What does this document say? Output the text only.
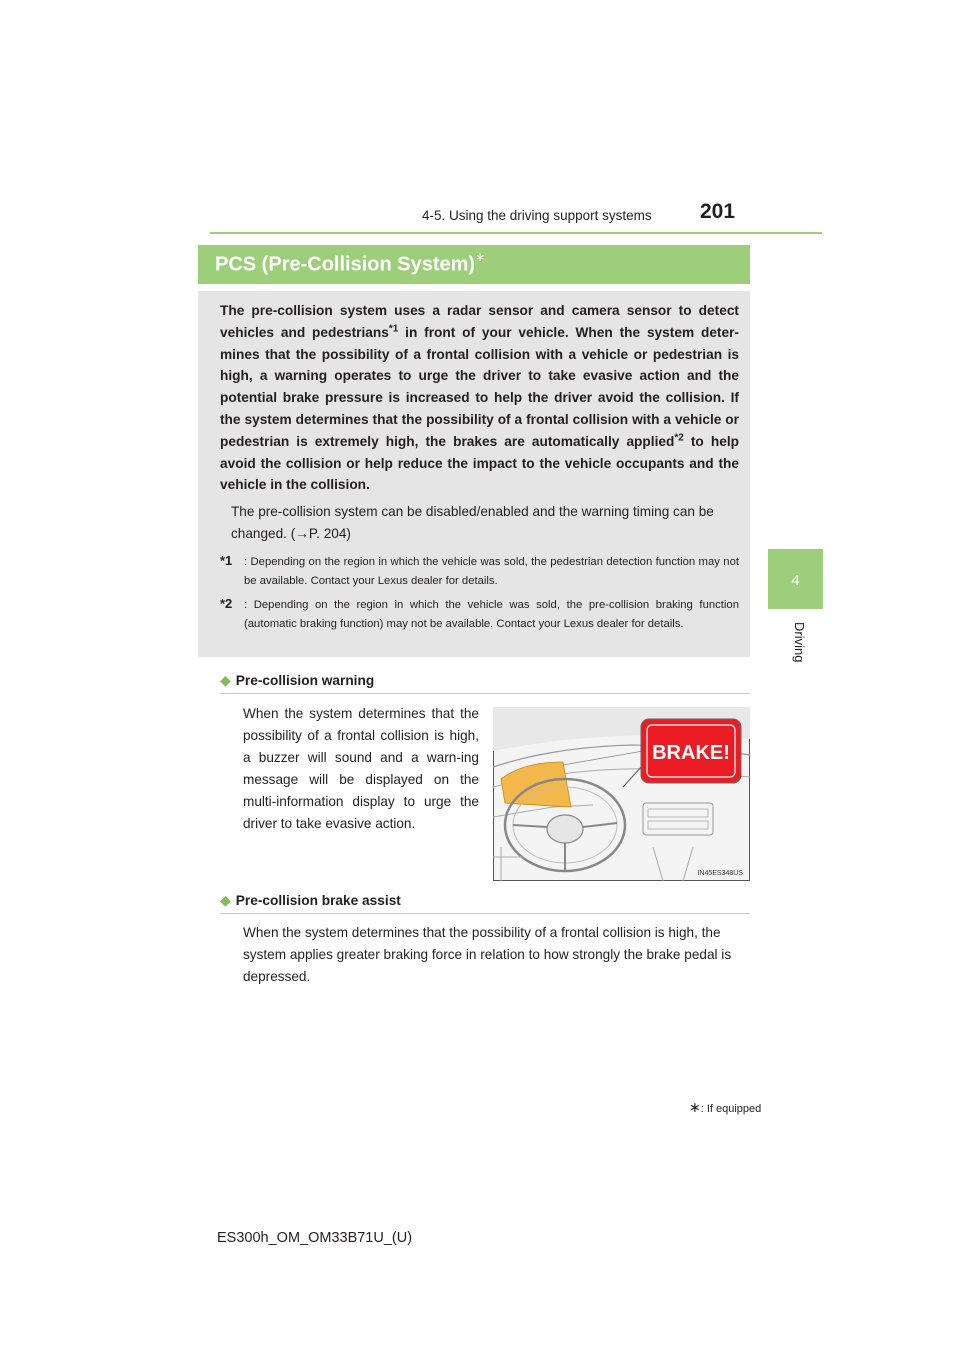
4-5. Using the driving support systems 201
4
Driving
PCS (Pre-Collision System)∗
The pre-collision system uses a radar sensor and camera sensor to detect vehicles and pedestrians$^{*1}$ in front of your vehicle. When the system deter-mines that the possibility of a frontal collision with a vehicle or pedestrian is high, a warning operates to urge the driver to take evasive action and the potential brake pressure is increased to help the driver avoid the collision. If the system determines that the possibility of a frontal collision with a vehicle or pedestrian is extremely high, the brakes are automatically applied$^{*2}$ to help avoid the collision or help reduce the impact to the vehicle occupants and the vehicle in the collision.
The pre-collision system can be disabled/enabled and the warning timing can be changed. (→P. 204)
*1 : Depending on the region in which the vehicle was sold, the pedestrian detection function may not be available. Contact your Lexus dealer for details.
*2 : Depending on the region in which the vehicle was sold, the pre-collision braking function (automatic braking function) may not be available. Contact your Lexus dealer for details.
◆ Pre-collision warning
When the system determines that the possibility of a frontal collision is high, a buzzer will sound and a warn-ing message will be displayed on the multi-information display to urge the driver to take evasive action.
BRAKE!
IN45ES348US
◆ Pre-collision brake assist
When the system determines that the possibility of a frontal collision is high, the system applies greater braking force in relation to how strongly the brake pedal is depressed.
∗: If equipped
ES300h_OM_OM33B71U_(U)
